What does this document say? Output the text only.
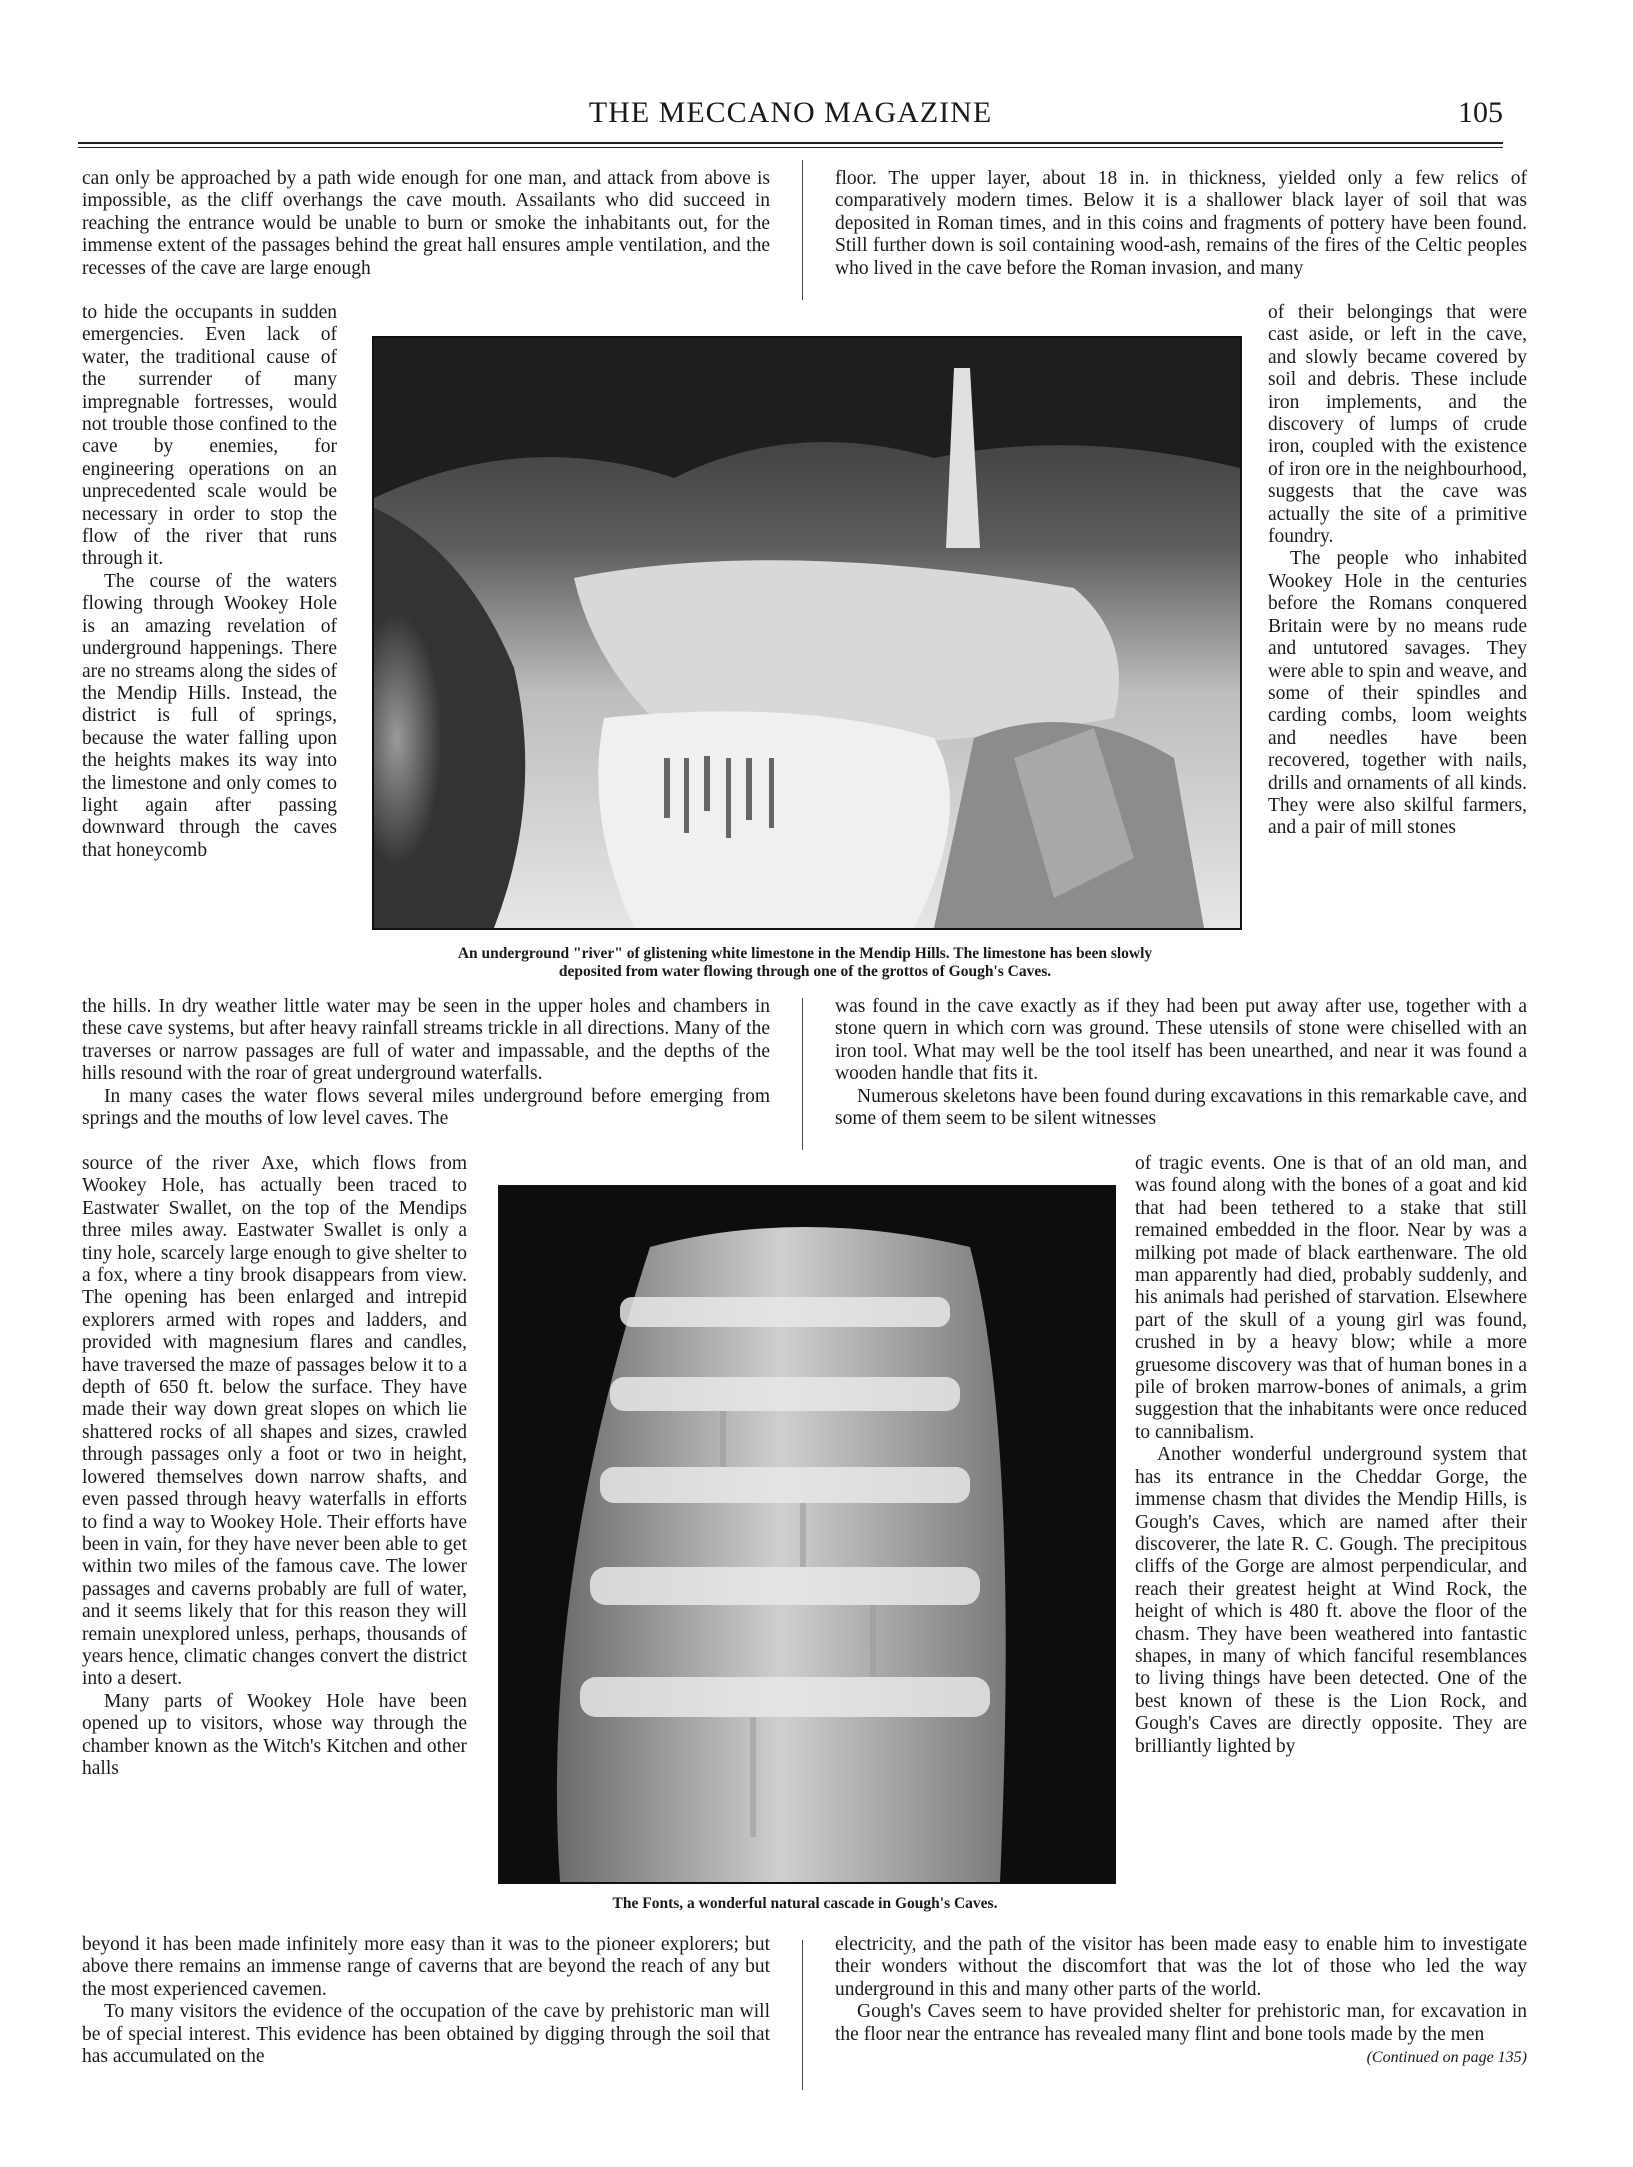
THE MECCANO MAGAZINE	105

can only be approached by a path wide enough for one man, and attack from above is impossible, as the cliff overhangs the cave mouth. Assailants who did succeed in reaching the entrance would be unable to burn or smoke the inhabitants out, for the immense extent of the passages behind the great hall ensures ample ventilation, and the recesses of the cave are large enough

to hide the occupants in sudden emergencies. Even lack of water, the traditional cause of the surrender of many impregnable fortresses, would not trouble those confined to the cave by enemies, for engineering operations on an unprecedented scale would be necessary in order to stop the flow of the river that runs through it.

The course of the waters flowing through Wookey Hole is an amazing revelation of underground happenings. There are no streams along the sides of the Mendip Hills. Instead, the district is full of springs, because the water falling upon the heights makes its way into the limestone and only comes to light again after passing downward through the caves that honeycomb

the hills. In dry weather little water may be seen in the upper holes and chambers in these cave systems, but after heavy rainfall streams trickle in all directions. Many of the traverses or narrow passages are full of water and impassable, and the depths of the hills resound with the roar of great underground waterfalls.

In many cases the water flows several miles underground before emerging from springs and the mouths of low level caves. The

source of the river Axe, which flows from Wookey Hole, has actually been traced to Eastwater Swallet, on the top of the Mendips three miles away. Eastwater Swallet is only a tiny hole, scarcely large enough to give shelter to a fox, where a tiny brook disappears from view. The opening has been enlarged and intrepid explorers armed with ropes and ladders, and provided with magnesium flares and candles, have traversed the maze of passages below it to a depth of 650 ft. below the surface. They have made their way down great slopes on which lie shattered rocks of all shapes and sizes, crawled through passages only a foot or two in height, lowered themselves down narrow shafts, and even passed through heavy waterfalls in efforts to find a way to Wookey Hole. Their efforts have been in vain, for they have never been able to get within two miles of the famous cave. The lower passages and caverns probably are full of water, and it seems likely that for this reason they will remain unexplored unless, perhaps, thousands of years hence, climatic changes convert the district into a desert.

Many parts of Wookey Hole have been opened up to visitors, whose way through the chamber known as the Witch's Kitchen and other halls

beyond it has been made infinitely more easy than it was to the pioneer explorers; but above there remains an immense range of caverns that are beyond the reach of any but the most experienced cavemen.

To many visitors the evidence of the occupation of the cave by prehistoric man will be of special interest. This evidence has been obtained by digging through the soil that has accumulated on the

floor. The upper layer, about 18 in. in thickness, yielded only a few relics of comparatively modern times. Below it is a shallower black layer of soil that was deposited in Roman times, and in this coins and fragments of pottery have been found. Still further down is soil containing wood-ash, remains of the fires of the Celtic peoples who lived in the cave before the Roman invasion, and many

of their belongings that were cast aside, or left in the cave, and slowly became covered by soil and debris. These include iron implements, and the discovery of lumps of crude iron, coupled with the existence of iron ore in the neighbourhood, suggests that the cave was actually the site of a primitive foundry.

The people who inhabited Wookey Hole in the centuries before the Romans conquered Britain were by no means rude and untutored savages. They were able to spin and weave, and some of their spindles and carding combs, loom weights and needles have been recovered, together with nails, drills and ornaments of all kinds. They were also skilful farmers, and a pair of mill stones

was found in the cave exactly as if they had been put away after use, together with a stone quern in which corn was ground. These utensils of stone were chiselled with an iron tool. What may well be the tool itself has been unearthed, and near it was found a wooden handle that fits it.

Numerous skeletons have been found during excavations in this remarkable cave, and some of them seem to be silent witnesses

of tragic events. One is that of an old man, and was found along with the bones of a goat and kid that had been tethered to a stake that still remained embedded in the floor. Near by was a milking pot made of black earthenware. The old man apparently had died, probably suddenly, and his animals had perished of starvation. Elsewhere part of the skull of a young girl was found, crushed in by a heavy blow; while a more gruesome discovery was that of human bones in a pile of broken marrow-bones of animals, a grim suggestion that the inhabitants were once reduced to cannibalism.

Another wonderful underground system that has its entrance in the Cheddar Gorge, the immense chasm that divides the Mendip Hills, is Gough's Caves, which are named after their discoverer, the late R. C. Gough. The precipitous cliffs of the Gorge are almost perpendicular, and reach their greatest height at Wind Rock, the height of which is 480 ft. above the floor of the chasm. They have been weathered into fantastic shapes, in many of which fanciful resemblances to living things have been detected. One of the best known of these is the Lion Rock, and Gough's Caves are directly opposite. They are brilliantly lighted by

electricity, and the path of the visitor has been made easy to enable him to investigate their wonders without the discomfort that was the lot of those who led the way underground in this and many other parts of the world.

Gough's Caves seem to have provided shelter for prehistoric man, for excavation in the floor near the entrance has revealed many flint and bone tools made by the men

(Continued on page 135)

An underground "river" of glistening white limestone in the Mendip Hills. The limestone has been slowly
deposited from water flowing through one of the grottos of Gough's Caves.
The Fonts, a wonderful natural cascade in Gough's Caves.
